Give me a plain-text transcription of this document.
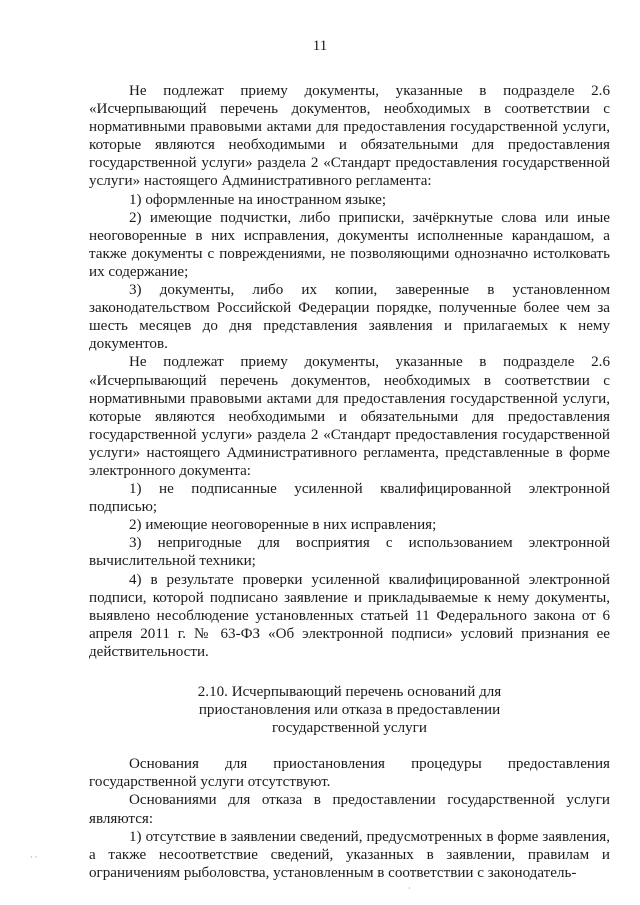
11

Не подлежат приему документы, указанные в подразделе 2.6 «Исчерпывающий перечень документов, необходимых в соответствии с нормативными правовыми актами для предоставления государственной услуги, которые являются необходимыми и обязательными для предоставления государственной услуги» раздела 2 «Стандарт предоставления государственной услуги» настоящего Административного регламента:

1) оформленные на иностранном языке;

2) имеющие подчистки, либо приписки, зачёркнутые слова или иные неоговоренные в них исправления, документы исполненные карандашом, а также документы с повреждениями, не позволяющими однозначно истолковать их содержание;

3) документы, либо их копии, заверенные в установленном законодательством Российской Федерации порядке, полученные более чем за шесть месяцев до дня представления заявления и прилагаемых к нему документов.

Не подлежат приему документы, указанные в подразделе 2.6 «Исчерпывающий перечень документов, необходимых в соответствии с нормативными правовыми актами для предоставления государственной услуги, которые являются необходимыми и обязательными для предоставления государственной услуги» раздела 2 «Стандарт предоставления государственной услуги» настоящего Административного регламента, представленные в форме электронного документа:

1) не подписанные усиленной квалифицированной электронной подписью;

2) имеющие неоговоренные в них исправления;

3) непригодные для восприятия с использованием электронной вычислительной техники;

4) в результате проверки усиленной квалифицированной электронной подписи, которой подписано заявление и прикладываемые к нему документы, выявлено несоблюдение установленных статьей 11 Федерального закона от 6 апреля 2011 г. № 63-ФЗ «Об электронной подписи» условий признания ее действительности.

2.10. Исчерпывающий перечень оснований для
приостановления или отказа в предоставлении
государственной услуги

Основания для приостановления процедуры предоставления государственной услуги отсутствуют.

Основаниями для отказа в предоставлении государственной услуги являются:

1) отсутствие в заявлении сведений, предусмотренных в форме заявления, а также несоответствие сведений, указанных в заявлении, правилам и ограничениям рыболовства, установленным в соответствии с законодатель-

· ·
·
